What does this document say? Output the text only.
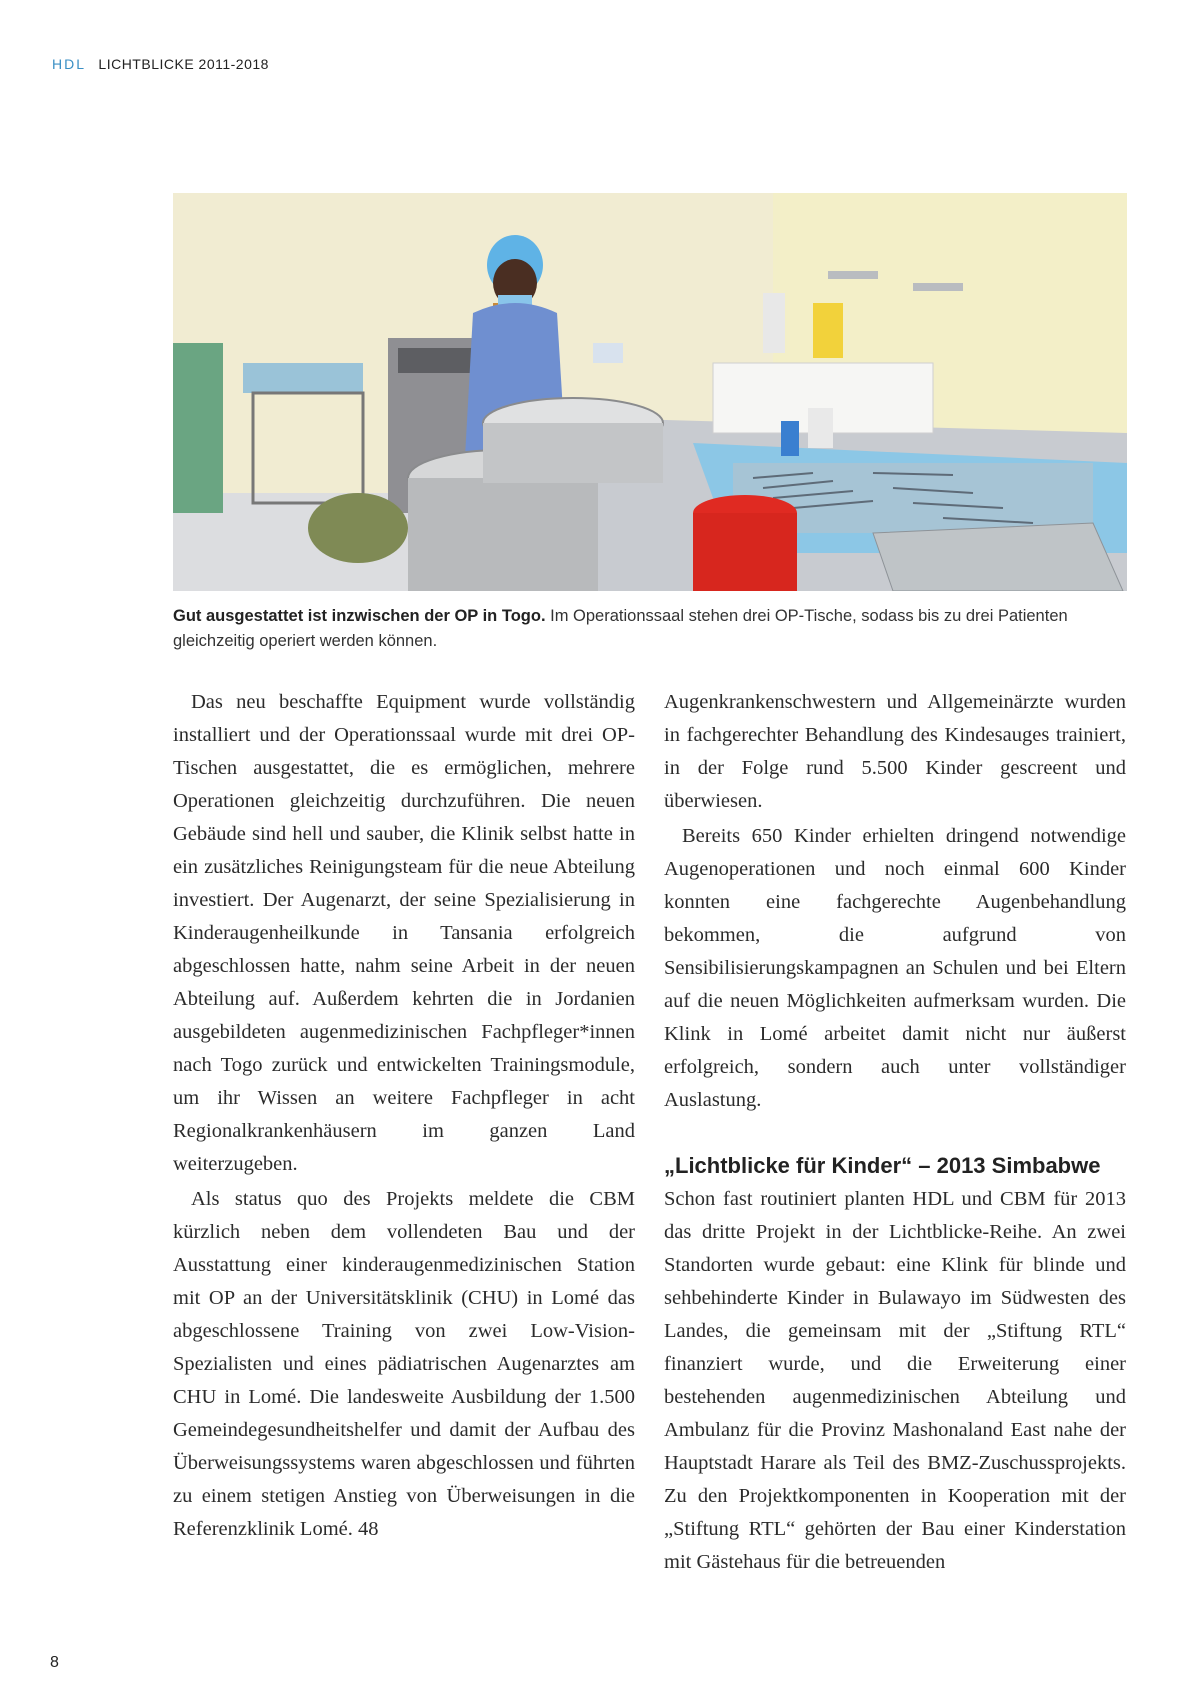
HDL LICHTBLICKE 2011-2018
Gut ausgestattet ist inzwischen der OP in Togo. Im Operationssaal stehen drei OP-Tische, sodass bis zu drei Patienten gleichzeitig operiert werden können.

Das neu beschaffte Equipment wurde vollständig installiert und der Operationssaal wurde mit drei OP-Tischen ausgestattet, die es ermöglichen, mehrere Operationen gleichzeitig durchzuführen. Die neuen Gebäude sind hell und sauber, die Klinik selbst hatte in ein zusätzliches Reinigungsteam für die neue Abteilung investiert. Der Augenarzt, der seine Spezialisierung in Kinderaugenheilkunde in Tansania erfolgreich abgeschlossen hatte, nahm seine Arbeit in der neuen Abteilung auf. Außerdem kehrten die in Jordanien ausgebildeten augenmedizinischen Fachpfleger*innen nach Togo zurück und entwickelten Trainingsmodule, um ihr Wissen an weitere Fachpfleger in acht Regionalkrankenhäusern im ganzen Land weiterzugeben.

Als status quo des Projekts meldete die CBM kürzlich neben dem vollendeten Bau und der Ausstattung einer kinderaugenmedizinischen Station mit OP an der Universitätsklinik (CHU) in Lomé das abgeschlossene Training von zwei Low-Vision-Spezialisten und eines pädiatrischen Augenarztes am CHU in Lomé. Die landesweite Ausbildung der 1.500 Gemeindegesundheitshelfer und damit der Aufbau des Überweisungssystems waren abgeschlossen und führten zu einem stetigen Anstieg von Überweisungen in die Referenzklinik Lomé. 48

Augenkrankenschwestern und Allgemeinärzte wurden in fachgerechter Behandlung des Kindesauges trainiert, in der Folge rund 5.500 Kinder gescreent und überwiesen.

Bereits 650 Kinder erhielten dringend notwendige Augenoperationen und noch einmal 600 Kinder konnten eine fachgerechte Augenbehandlung bekommen, die aufgrund von Sensibilisierungskampagnen an Schulen und bei Eltern auf die neuen Möglichkeiten aufmerksam wurden. Die Klink in Lomé arbeitet damit nicht nur äußerst erfolgreich, sondern auch unter vollständiger Auslastung.

„Lichtblicke für Kinder“ – 2013 Simbabwe

Schon fast routiniert planten HDL und CBM für 2013 das dritte Projekt in der Lichtblicke-Reihe. An zwei Standorten wurde gebaut: eine Klink für blinde und sehbehinderte Kinder in Bulawayo im Südwesten des Landes, die gemeinsam mit der „Stiftung RTL“ finanziert wurde, und die Erweiterung einer bestehenden augenmedizinischen Abteilung und Ambulanz für die Provinz Mashonaland East nahe der Hauptstadt Harare als Teil des BMZ-Zuschussprojekts. Zu den Projektkomponenten in Kooperation mit der „Stiftung RTL“ gehörten der Bau einer Kinderstation mit Gästehaus für die betreuenden

8
